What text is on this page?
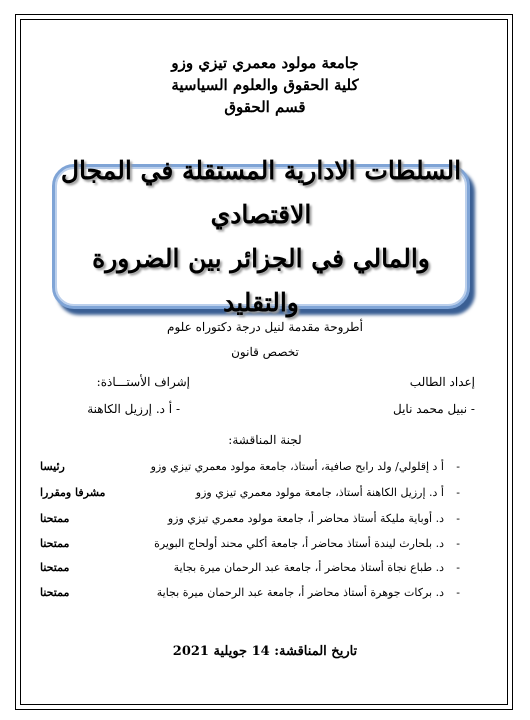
جامعة مولود معمري تيزي وزو
كلية الحقوق والعلوم السياسية
قسم الحقوق
السلطات الادارية المستقلة في المجال الاقتصادي
والمالي في الجزائر بين الضرورة والتقليد
أطروحة مقدمة لنيل درجة دكتوراه علوم
تخصص قانون
إعداد الطالب
إشراف الأستـــاذة:
- نبيل محمد نايل
- أ د. إرزيل الكاهنة
لجنة المناقشة:
-
أ د إقلولي/ ولد رابح صافية، أستاذ، جامعة مولود معمري تيزي وزو
رئيسا
-
أ د. إرزيل الكاهنة أستاذ، جامعة مولود معمري تيزي وزو
مشرفا ومقررا
-
د. أوباية مليكة أستاذ محاضر أ، جامعة مولود معمري تيزي وزو
ممتحنا
-
د. بلحارث ليندة أستاذ محاضر أ، جامعة أكلي محند أولحاج البويرة
ممتحنا
-
د. طباع نجاة أستاذ محاضر أ، جامعة عبد الرحمان ميرة بجاية
ممتحنا
-
د. بركات جوهرة أستاذ محاضر أ، جامعة عبد الرحمان ميرة بجاية
ممتحنا
تاريخ المناقشة: 14 جويلية 2021
